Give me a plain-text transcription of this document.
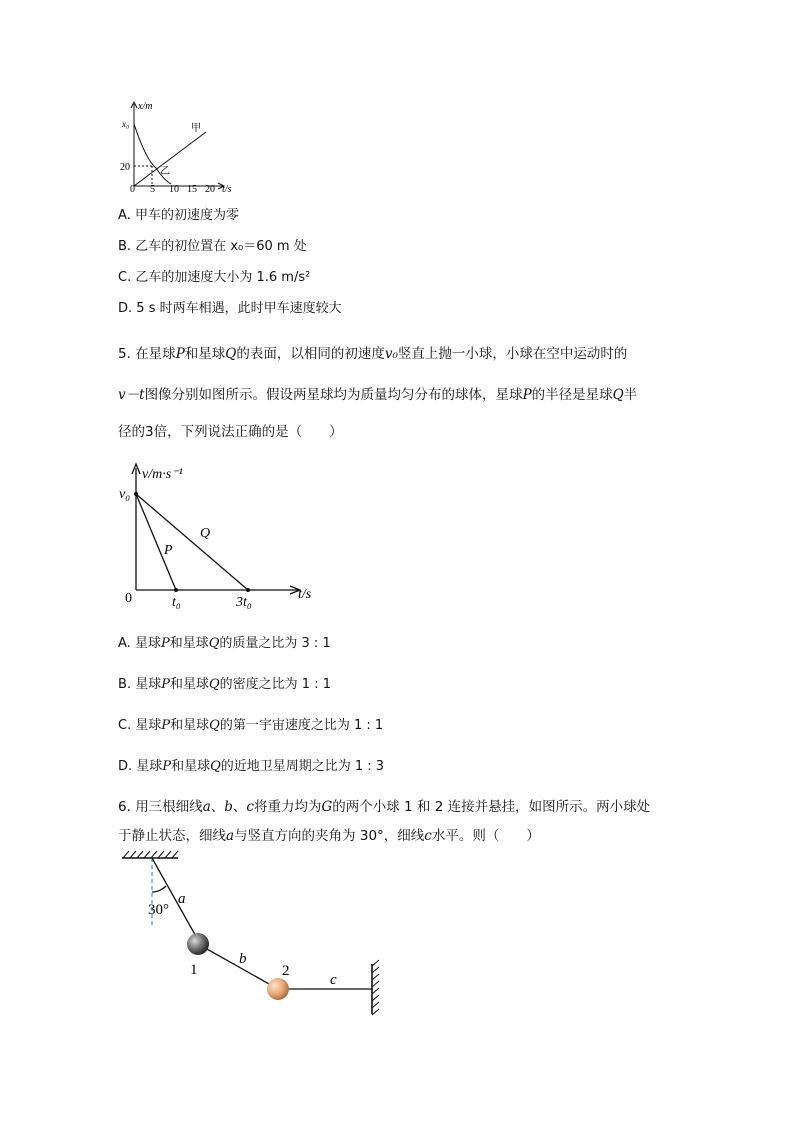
x/m
x₀
20
0 5 10 15 20 t/s
甲
乙
A. 甲车的初速度为零
B. 乙车的初位置在 x₀＝60 m 处
C. 乙车的加速度大小为 1.6 m/s²
D. 5 s 时两车相遇，此时甲车速度较大
5. 在星球P和星球Q的表面，以相同的初速度v₀竖直上抛一小球，小球在空中运动时的
v－t图像分别如图所示。假设两星球均为质量均匀分布的球体，星球P的半径是星球Q半
径的3倍，下列说法正确的是（　　）
v/m·s⁻¹
v₀
0	t₀	3t₀
t/s
P
Q
A. 星球P和星球Q的质量之比为 3 : 1
B. 星球P和星球Q的密度之比为 1 : 1
C. 星球P和星球Q的第一宇宙速度之比为 1 : 1
D. 星球P和星球Q的近地卫星周期之比为 1 : 3
6. 用三根细线a、b、c将重力均为G的两个小球 1 和 2 连接并悬挂，如图所示。两小球处
于静止状态，细线a与竖直方向的夹角为 30°，细线c水平。则（　　）
30°
a
b
c
1	2
